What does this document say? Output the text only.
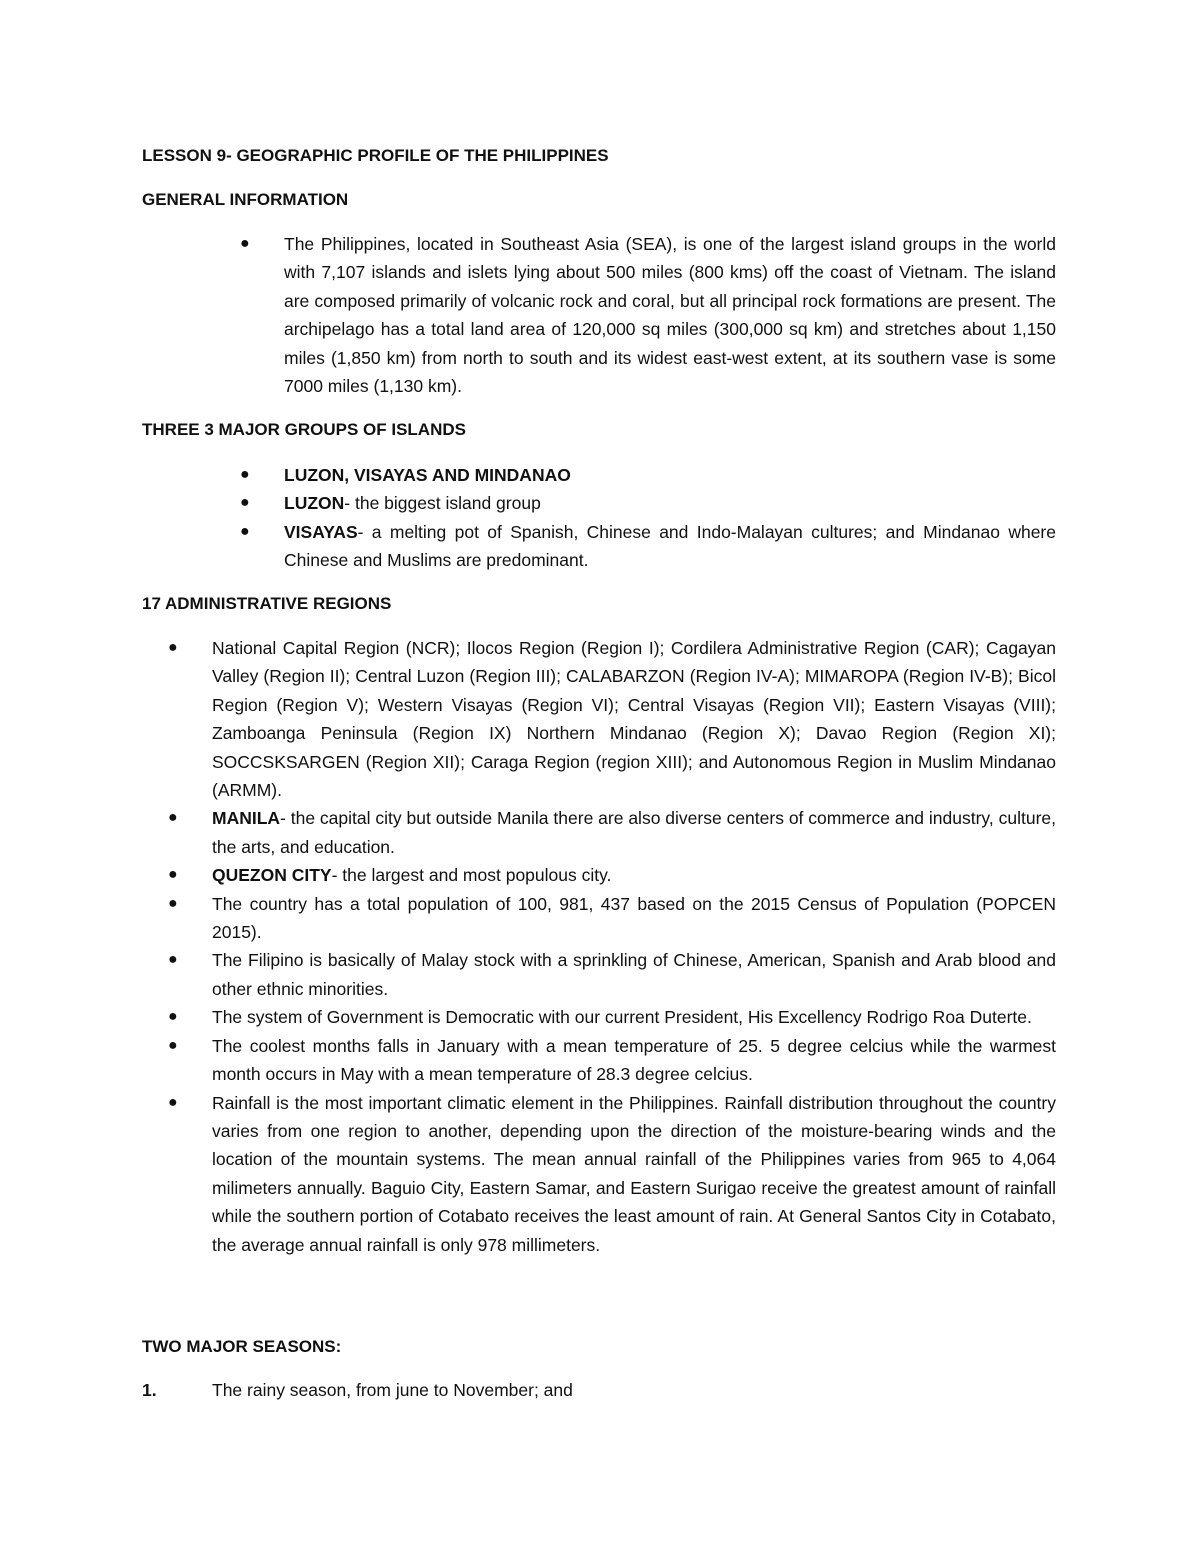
LESSON 9- GEOGRAPHIC PROFILE OF THE PHILIPPINES
GENERAL INFORMATION
● The Philippines, located in Southeast Asia (SEA), is one of the largest island groups in the world with 7,107 islands and islets lying about 500 miles (800 kms) off the coast of Vietnam. The island are composed primarily of volcanic rock and coral, but all principal rock formations are present. The archipelago has a total land area of 120,000 sq miles (300,000 sq km) and stretches about 1,150 miles (1,850 km) from north to south and its widest east-west extent, at its southern vase is some 7000 miles (1,130 km).
THREE 3 MAJOR GROUPS OF ISLANDS
● LUZON, VISAYAS AND MINDANAO
● LUZON- the biggest island group
● VISAYAS- a melting pot of Spanish, Chinese and Indo-Malayan cultures; and Mindanao where Chinese and Muslims are predominant.
17 ADMINISTRATIVE REGIONS
● National Capital Region (NCR); Ilocos Region (Region I); Cordilera Administrative Region (CAR); Cagayan Valley (Region II); Central Luzon (Region III); CALABARZON (Region IV-A); MIMAROPA (Region IV-B); Bicol Region (Region V); Western Visayas (Region VI); Central Visayas (Region VII); Eastern Visayas (VIII); Zamboanga Peninsula (Region IX) Northern Mindanao (Region X); Davao Region (Region XI); SOCCSKSARGEN (Region XII); Caraga Region (region XIII); and Autonomous Region in Muslim Mindanao (ARMM).
● MANILA- the capital city but outside Manila there are also diverse centers of commerce and industry, culture, the arts, and education.
● QUEZON CITY- the largest and most populous city.
● The country has a total population of 100, 981, 437 based on the 2015 Census of Population (POPCEN 2015).
● The Filipino is basically of Malay stock with a sprinkling of Chinese, American, Spanish and Arab blood and other ethnic minorities.
● The system of Government is Democratic with our current President, His Excellency Rodrigo Roa Duterte.
● The coolest months falls in January with a mean temperature of 25. 5 degree celcius while the warmest month occurs in May with a mean temperature of 28.3 degree celcius.
● Rainfall is the most important climatic element in the Philippines. Rainfall distribution throughout the country varies from one region to another, depending upon the direction of the moisture-bearing winds and the location of the mountain systems. The mean annual rainfall of the Philippines varies from 965 to 4,064 milimeters annually. Baguio City, Eastern Samar, and Eastern Surigao receive the greatest amount of rainfall while the southern portion of Cotabato receives the least amount of rain. At General Santos City in Cotabato, the average annual rainfall is only 978 millimeters.
TWO MAJOR SEASONS:
1.	The rainy season, from june to November; and
